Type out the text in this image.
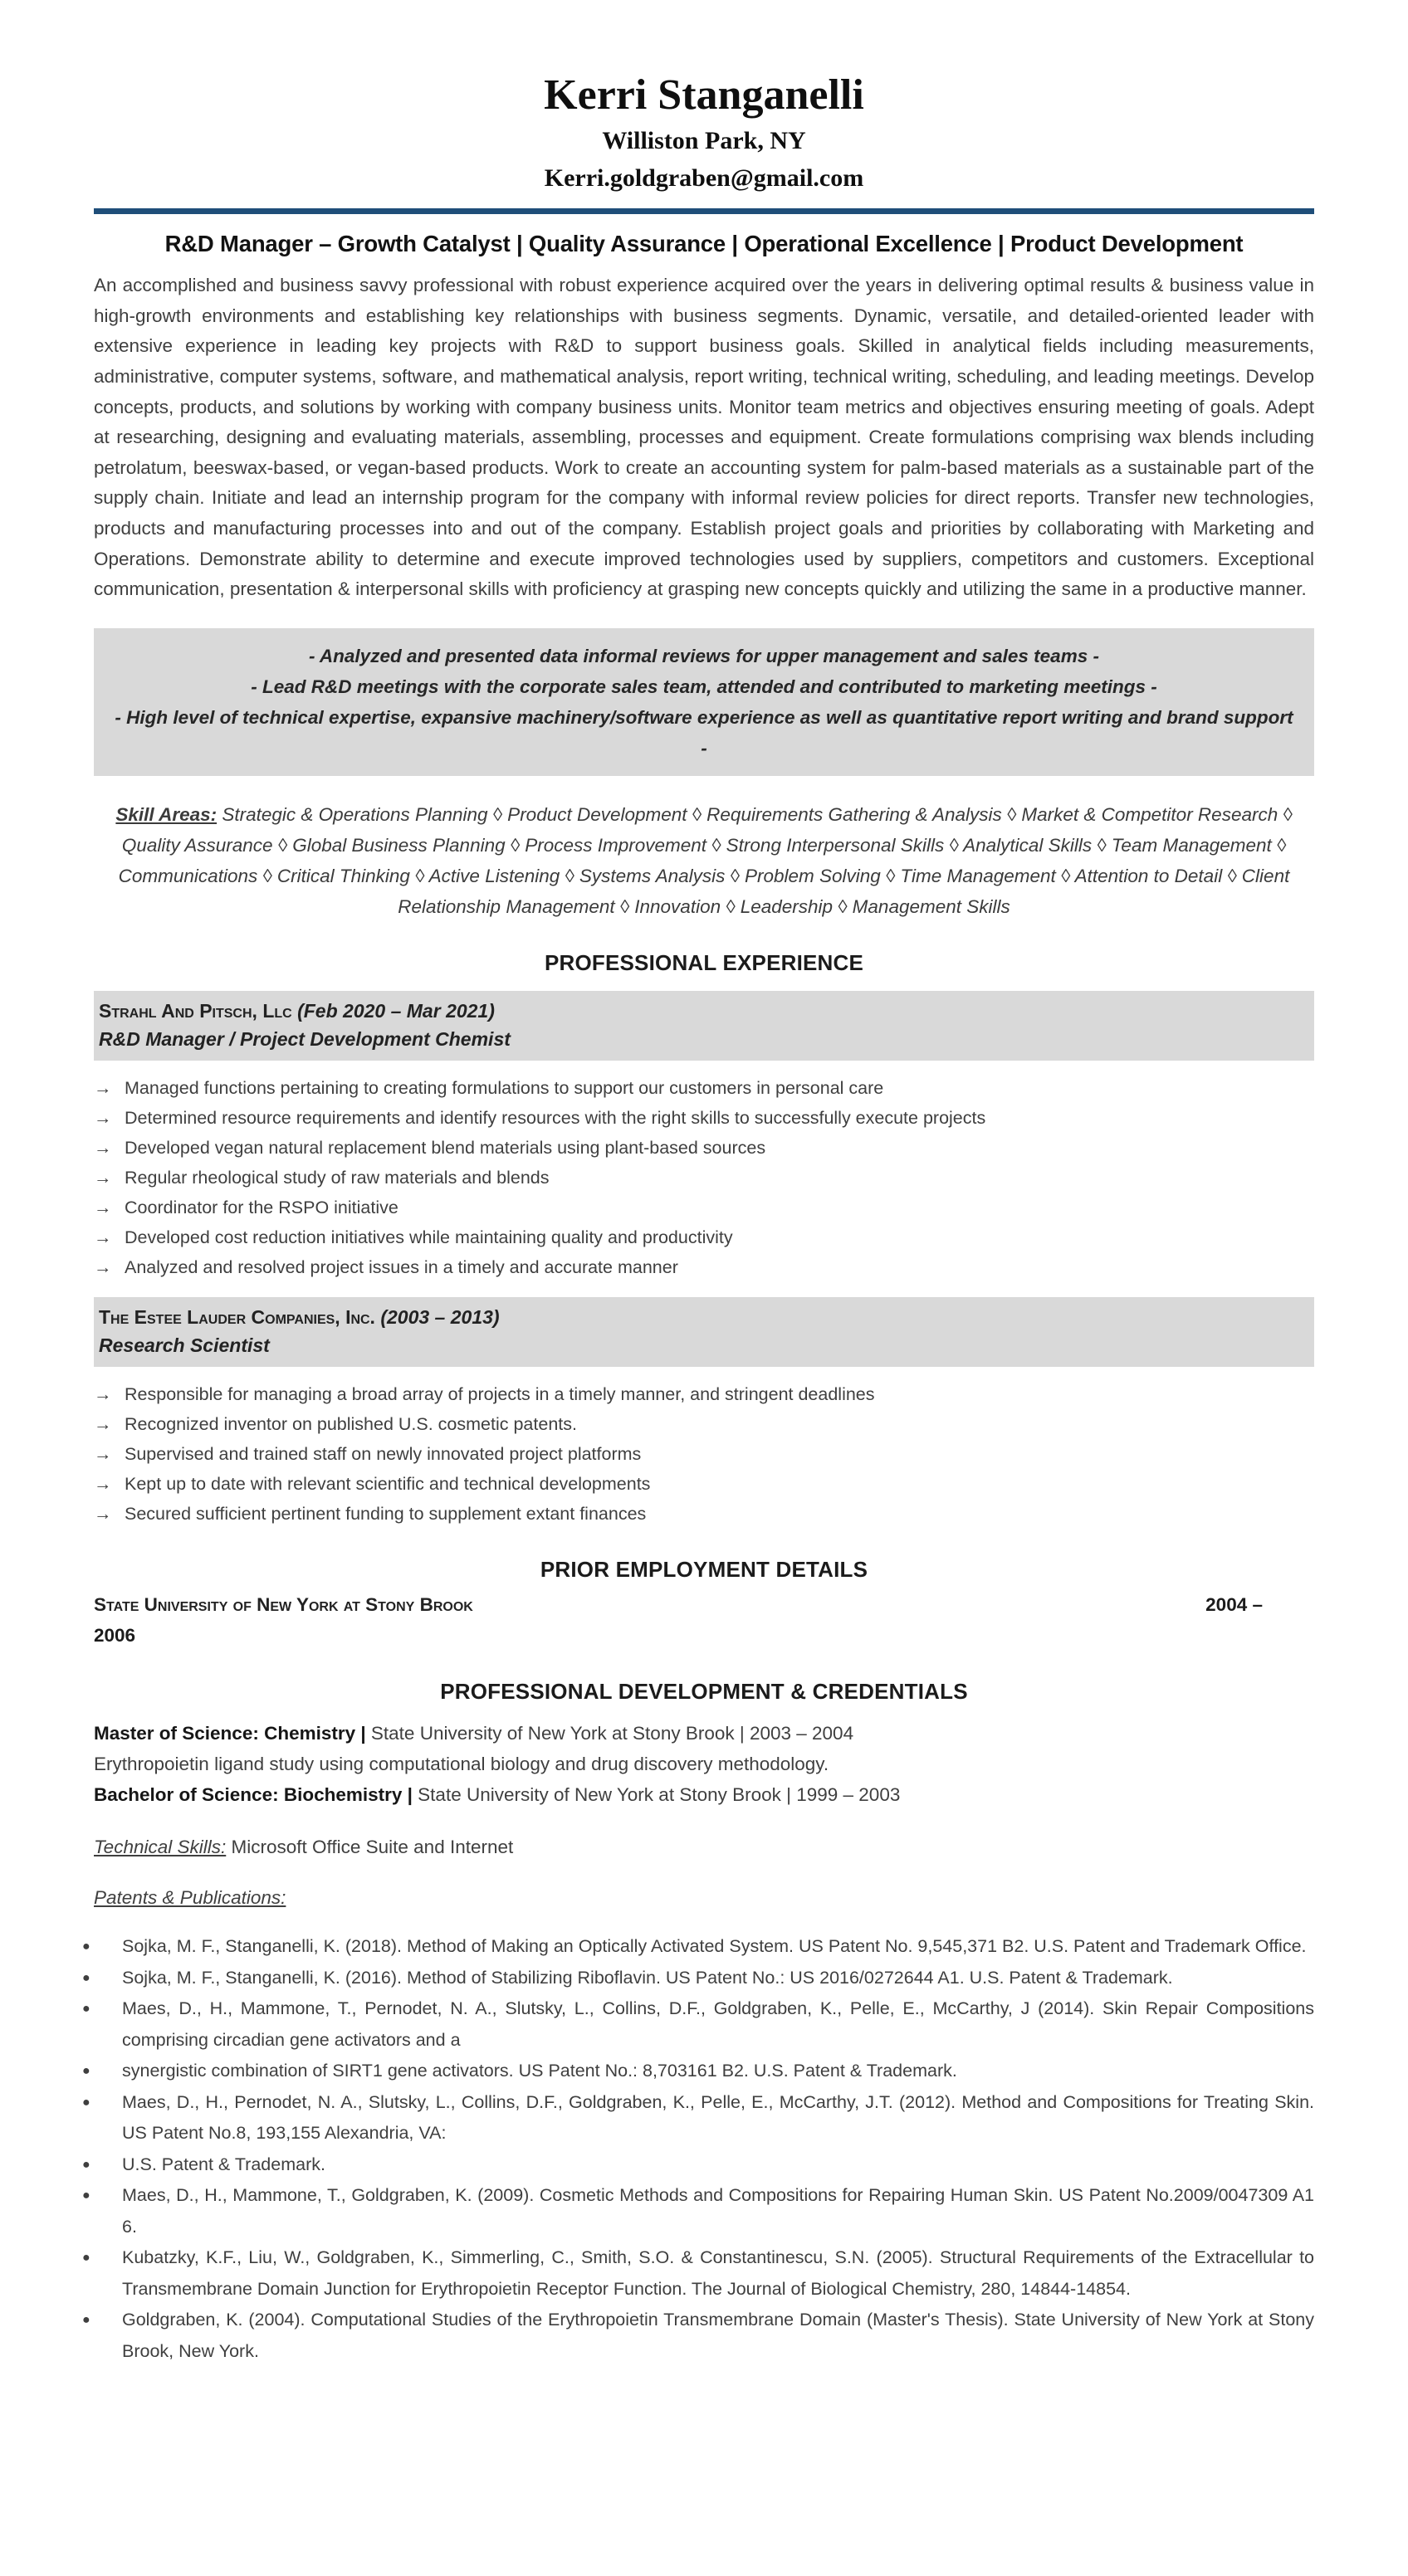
Kerri Stanganelli
Williston Park, NY
Kerri.goldgraben@gmail.com
R&D Manager – Growth Catalyst | Quality Assurance | Operational Excellence | Product Development

An accomplished and business savvy professional with robust experience acquired over the years in delivering optimal results & business value in high-growth environments and establishing key relationships with business segments. Dynamic, versatile, and detailed-oriented leader with extensive experience in leading key projects with R&D to support business goals. Skilled in analytical fields including measurements, administrative, computer systems, software, and mathematical analysis, report writing, technical writing, scheduling, and leading meetings. Develop concepts, products, and solutions by working with company business units. Monitor team metrics and objectives ensuring meeting of goals. Adept at researching, designing and evaluating materials, assembling, processes and equipment. Create formulations comprising wax blends including petrolatum, beeswax-based, or vegan-based products. Work to create an accounting system for palm-based materials as a sustainable part of the supply chain. Initiate and lead an internship program for the company with informal review policies for direct reports. Transfer new technologies, products and manufacturing processes into and out of the company. Establish project goals and priorities by collaborating with Marketing and Operations. Demonstrate ability to determine and execute improved technologies used by suppliers, competitors and customers. Exceptional communication, presentation & interpersonal skills with proficiency at grasping new concepts quickly and utilizing the same in a productive manner.

- Analyzed and presented data informal reviews for upper management and sales teams -
- Lead R&D meetings with the corporate sales team, attended and contributed to marketing meetings -
- High level of technical expertise, expansive machinery/software experience as well as quantitative report writing and brand support -

Skill Areas: Strategic & Operations Planning ◊ Product Development ◊ Requirements Gathering & Analysis ◊ Market & Competitor Research ◊ Quality Assurance ◊ Global Business Planning ◊ Process Improvement ◊ Strong Interpersonal Skills ◊ Analytical Skills ◊ Team Management ◊ Communications ◊ Critical Thinking ◊ Active Listening ◊ Systems Analysis ◊ Problem Solving ◊ Time Management ◊ Attention to Detail ◊ Client Relationship Management ◊ Innovation ◊ Leadership ◊ Management Skills

PROFESSIONAL EXPERIENCE
Strahl And Pitsch, Llc (Feb 2020 – Mar 2021)
R&D Manager / Project Development Chemist
→ Managed functions pertaining to creating formulations to support our customers in personal care
→ Determined resource requirements and identify resources with the right skills to successfully execute projects
→ Developed vegan natural replacement blend materials using plant-based sources
→ Regular rheological study of raw materials and blends
→ Coordinator for the RSPO initiative
→ Developed cost reduction initiatives while maintaining quality and productivity
→ Analyzed and resolved project issues in a timely and accurate manner
The Estee Lauder Companies, Inc. (2003 – 2013)
Research Scientist
→ Responsible for managing a broad array of projects in a timely manner, and stringent deadlines
→ Recognized inventor on published U.S. cosmetic patents.
→ Supervised and trained staff on newly innovated project platforms
→ Kept up to date with relevant scientific and technical developments
→ Secured sufficient pertinent funding to supplement extant finances
PRIOR EMPLOYMENT DETAILS
State University of New York at Stony Brook	2004 –
2006
PROFESSIONAL DEVELOPMENT & CREDENTIALS

Master of Science: Chemistry | State University of New York at Stony Brook | 2003 – 2004

Erythropoietin ligand study using computational biology and drug discovery methodology.

Bachelor of Science: Biochemistry | State University of New York at Stony Brook | 1999 – 2003

Technical Skills: Microsoft Office Suite and Internet

Patents & Publications:

●	Sojka, M. F., Stanganelli, K. (2018). Method of Making an Optically Activated System. US Patent No. 9,545,371 B2. U.S. Patent and Trademark Office.
●	Sojka, M. F., Stanganelli, K. (2016). Method of Stabilizing Riboflavin. US Patent No.: US 2016/0272644 A1. U.S. Patent & Trademark.
●	Maes, D., H., Mammone, T., Pernodet, N. A., Slutsky, L., Collins, D.F., Goldgraben, K., Pelle, E., McCarthy, J (2014). Skin Repair Compositions comprising circadian gene activators and a
●	synergistic combination of SIRT1 gene activators. US Patent No.: 8,703161 B2. U.S. Patent & Trademark.
●	Maes, D., H., Pernodet, N. A., Slutsky, L., Collins, D.F., Goldgraben, K., Pelle, E., McCarthy, J.T. (2012). Method and Compositions for Treating Skin. US Patent No.8, 193,155 Alexandria, VA:
●	U.S. Patent & Trademark.
●	Maes, D., H., Mammone, T., Goldgraben, K. (2009). Cosmetic Methods and Compositions for Repairing Human Skin. US Patent No.2009/0047309 A1 6.
●	Kubatzky, K.F., Liu, W., Goldgraben, K., Simmerling, C., Smith, S.O. & Constantinescu, S.N. (2005). Structural Requirements of the Extracellular to Transmembrane Domain Junction for Erythropoietin Receptor Function. The Journal of Biological Chemistry, 280, 14844-14854.
●	Goldgraben, K. (2004). Computational Studies of the Erythropoietin Transmembrane Domain (Master's Thesis). State University of New York at Stony Brook, New York.
